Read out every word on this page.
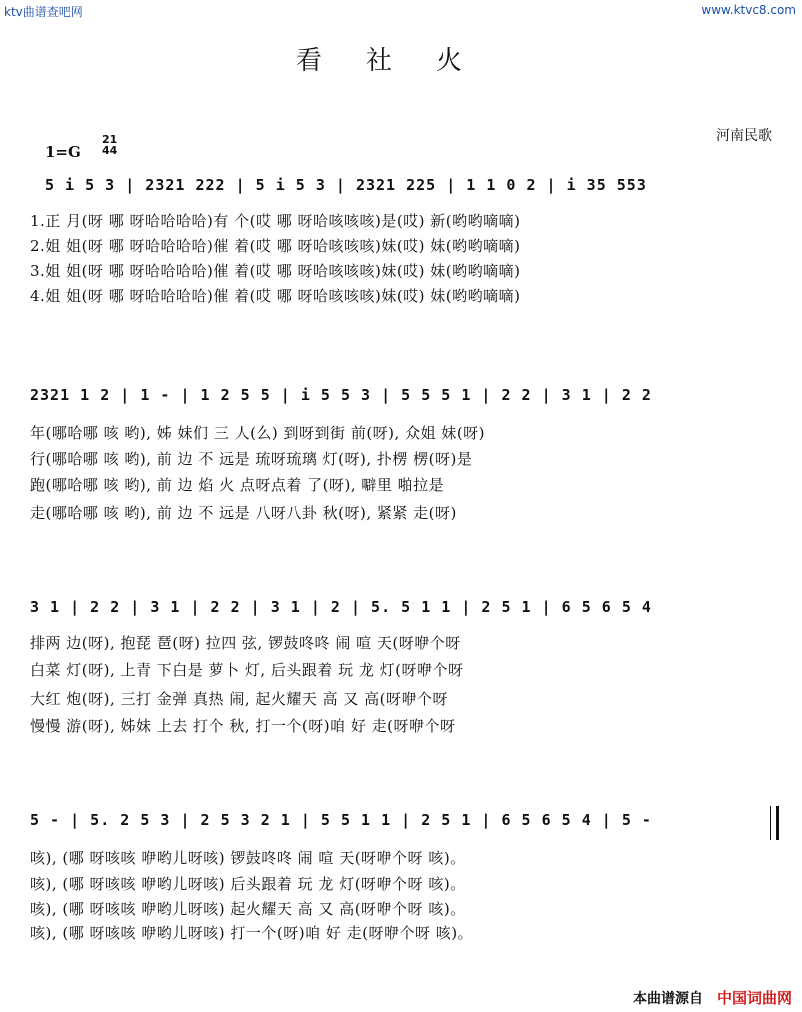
ktv曲谱查吧网	www.ktvc8.com
看社火
1=G
21
44
河南民歌
5 i 5 3 | 2321 222 | 5 i 5 3 | 2321 225 | 1 1 0 2 | i 35 553
1.正 月(呀 哪 呀哈哈哈哈)有 个(哎 哪 呀哈咳咳咳)是(哎) 新(哟哟嘀嘀)
2.姐 姐(呀 哪 呀哈哈哈哈)催 着(哎 哪 呀哈咳咳咳)妹(哎) 妹(哟哟嘀嘀)
3.姐 姐(呀 哪 呀哈哈哈哈)催 着(哎 哪 呀哈咳咳咳)妹(哎) 妹(哟哟嘀嘀)
4.姐 姐(呀 哪 呀哈哈哈哈)催 着(哎 哪 呀哈咳咳咳)妹(哎) 妹(哟哟嘀嘀)
2321 1 2 | 1 - | 1 2 5 5 | i 5 5 3 | 5 5 5 1 | 2 2 | 3 1 | 2 2
年(哪哈哪 咳 哟), 姊 妹们 三 人(么) 到呀到街 前(呀), 众姐 妹(呀)
行(哪哈哪 咳 哟), 前 边 不 远是 琉呀琉璃 灯(呀), 扑楞 楞(呀)是
跑(哪哈哪 咳 哟), 前 边 焰 火 点呀点着 了(呀), 噼里 啪拉是
走(哪哈哪 咳 哟), 前 边 不 远是 八呀八卦 秋(呀), 紧紧 走(呀)
3 1 | 2 2 | 3 1 | 2 2 | 3 1 | 2 | 5. 5 1 1 | 2 5 1 | 6 5 6 5 4
排两 边(呀), 抱琵 琶(呀) 拉四 弦, 锣鼓咚咚 闹 喧 天(呀咿个呀
白菜 灯(呀), 上青 下白是 萝卜 灯, 后头跟着 玩 龙 灯(呀咿个呀
大红 炮(呀), 三打 金弹 真热 闹, 起火耀天 高 又 高(呀咿个呀
慢慢 游(呀), 姊妹 上去 打个 秋, 打一个(呀)咱 好 走(呀咿个呀
5 - | 5. 2 5 3 | 2 5 3 2 1 | 5 5 1 1 | 2 5 1 | 6 5 6 5 4 | 5 -
咳), (哪 呀咳咳 咿哟儿呀咳) 锣鼓咚咚 闹 喧 天(呀咿个呀 咳)。
咳), (哪 呀咳咳 咿哟儿呀咳) 后头跟着 玩 龙 灯(呀咿个呀 咳)。
咳), (哪 呀咳咳 咿哟儿呀咳) 起火耀天 高 又 高(呀咿个呀 咳)。
咳), (哪 呀咳咳 咿哟儿呀咳) 打一个(呀)咱 好 走(呀咿个呀 咳)。
本曲谱源自 中国词曲网
